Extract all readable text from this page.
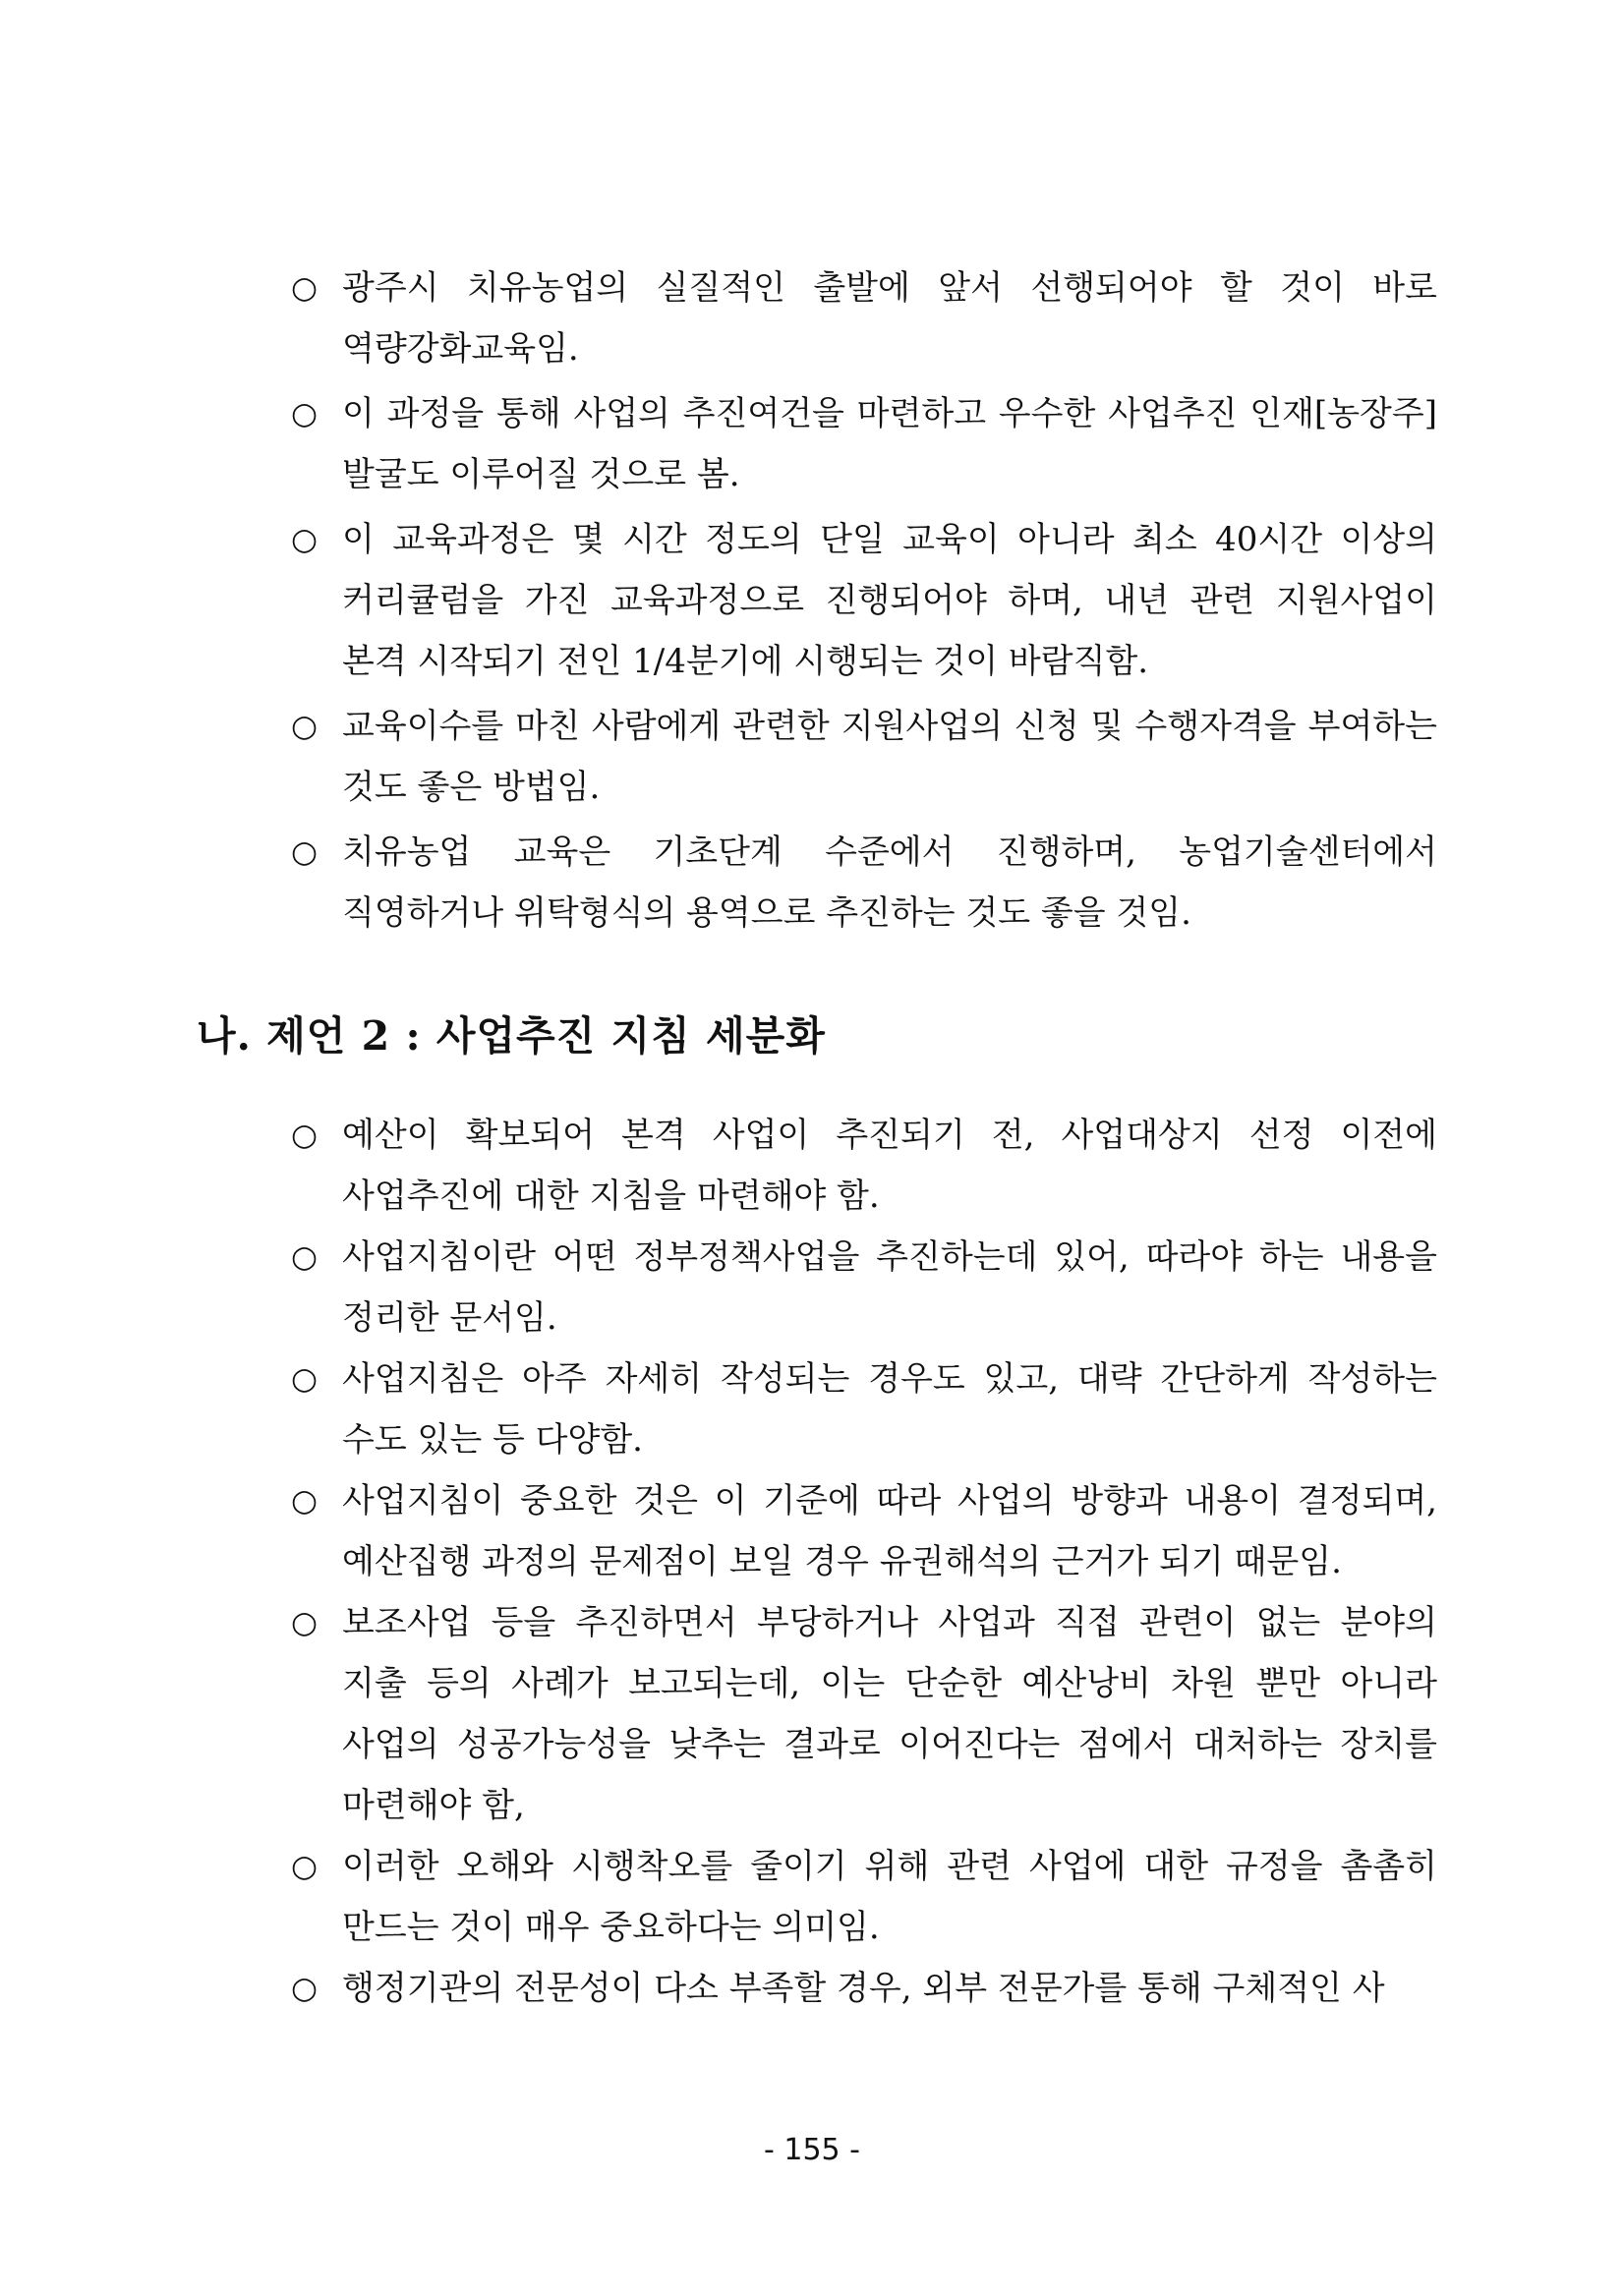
○ 광주시 치유농업의 실질적인 출발에 앞서 선행되어야 할 것이 바로 역량강화교육임.
○ 이 과정을 통해 사업의 추진여건을 마련하고 우수한 사업추진 인재[농장주]발굴도 이루어질 것으로 봄.
○ 이 교육과정은 몇 시간 정도의 단일 교육이 아니라 최소 40시간 이상의 커리큘럼을 가진 교육과정으로 진행되어야 하며, 내년 관련 지원사업이 본격 시작되기 전인 1/4분기에 시행되는 것이 바람직함.
○ 교육이수를 마친 사람에게 관련한 지원사업의 신청 및 수행자격을 부여하는 것도 좋은 방법임.
○ 치유농업 교육은 기초단계 수준에서 진행하며, 농업기술센터에서 직영하거나 위탁형식의 용역으로 추진하는 것도 좋을 것임.
나. 제언 2 : 사업추진 지침 세분화
○ 예산이 확보되어 본격 사업이 추진되기 전, 사업대상지 선정 이전에 사업추진에 대한 지침을 마련해야 함.
○ 사업지침이란 어떤 정부정책사업을 추진하는데 있어, 따라야 하는 내용을 정리한 문서임.
○ 사업지침은 아주 자세히 작성되는 경우도 있고, 대략 간단하게 작성하는 수도 있는 등 다양함.
○ 사업지침이 중요한 것은 이 기준에 따라 사업의 방향과 내용이 결정되며, 예산집행 과정의 문제점이 보일 경우 유권해석의 근거가 되기 때문임.
○ 보조사업 등을 추진하면서 부당하거나 사업과 직접 관련이 없는 분야의 지출 등의 사례가 보고되는데, 이는 단순한 예산낭비 차원 뿐만 아니라 사업의 성공가능성을 낮추는 결과로 이어진다는 점에서 대처하는 장치를 마련해야 함,
○ 이러한 오해와 시행착오를 줄이기 위해 관련 사업에 대한 규정을 촘촘히 만드는 것이 매우 중요하다는 의미임.
○ 행정기관의 전문성이 다소 부족할 경우, 외부 전문가를 통해 구체적인 사
- 155 -
